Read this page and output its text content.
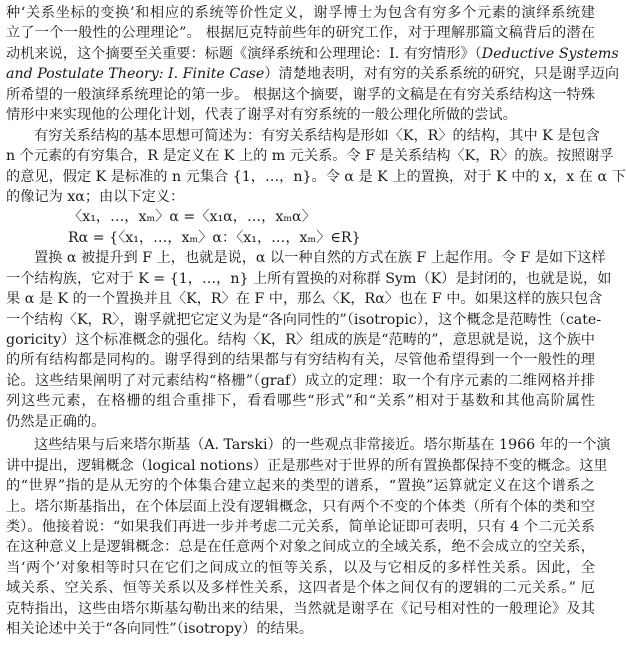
种‘关系坐标的变换’和相应的系统等价性定义，谢孚博士为包含有穷多个元素的演绎系统建
立了一个一般性的公理理论”。 根据厄克特前些年的研究工作，对于理解那篇文稿背后的潜在
动机来说，这个摘要至关重要：标题《演绎系统和公理理论：Ⅰ. 有穷情形》（Deductive Systems
and Postulate Theory: I. Finite Case）清楚地表明，对有穷的关系系统的研究，只是谢孚迈向
所希望的一般演绎系统理论的第一步。 根据这个摘要，谢孚的文稿是在有穷关系结构这一特殊
情形中来实现他的公理化计划，代表了谢孚对有穷系统的一般公理化所做的尝试。
有穷关系结构的基本思想可简述为：有穷关系结构是形如〈K，R〉的结构，其中 K 是包含
n 个元素的有穷集合，R 是定义在 K 上的 m 元关系。令 F 是关系结构〈K，R〉的族。按照谢孚
的意见，假定 K 是标准的 n 元集合 {1，…，n}。令 α 是 K 上的置换，对于 K 中的 x，x 在 α 下
的像记为 xα；由以下定义：
〈x₁，…，xₘ〉α =〈x₁α，…，xₘα〉
Rα = {〈x₁，…，xₘ〉α：〈x₁，…，xₘ〉∈R}
置换 α 被提升到 F 上，也就是说，α 以一种自然的方式在族 F 上起作用。令 F 是如下这样
一个结构族，它对于 K = {1，…，n} 上所有置换的对称群 Sym（K）是封闭的，也就是说，如
果 α 是 K 的一个置换并且〈K，R〉在 F 中，那么〈K，Rα〉也在 F 中。如果这样的族只包含
一个结构〈K，R〉，谢孚就把它定义为是“各向同性的”（isotropic），这个概念是范畴性（cate-
goricity）这个标准概念的强化。结构〈K，R〉组成的族是“范畴的”，意思就是说，这个族中
的所有结构都是同构的。谢孚得到的结果都与有穷结构有关，尽管他希望得到一个一般性的理
论。这些结果阐明了对元素结构“格栅”（graf）成立的定理：取一个有序元素的二维网格并排
列这些元素，在格栅的组合重排下，看看哪些“形式”和“关系”相对于基数和其他高阶属性
仍然是正确的。
这些结果与后来塔尔斯基（A. Tarski）的一些观点非常接近。塔尔斯基在 1966 年的一个演
讲中提出，逻辑概念（logical notions）正是那些对于世界的所有置换都保持不变的概念。这里
的“世界”指的是从无穷的个体集合建立起来的类型的谱系，“置换”运算就定义在这个谱系之
上。塔尔斯基指出，在个体层面上没有逻辑概念，只有两个不变的个体类（所有个体的类和空
类）。他接着说：“如果我们再进一步并考虑二元关系，简单论证即可表明，只有 4 个二元关系
在这种意义上是逻辑概念：总是在任意两个对象之间成立的全域关系，绝不会成立的空关系，
当‘两个’对象相等时只在它们之间成立的恒等关系，以及与它相反的多样性关系。因此，全
域关系、空关系、恒等关系以及多样性关系，这四者是个体之间仅有的逻辑的二元关系。” 厄
克特指出，这些由塔尔斯基勾勒出来的结果，当然就是谢孚在《记号相对性的一般理论》及其
相关论述中关于“各向同性”（isotropy）的结果。
